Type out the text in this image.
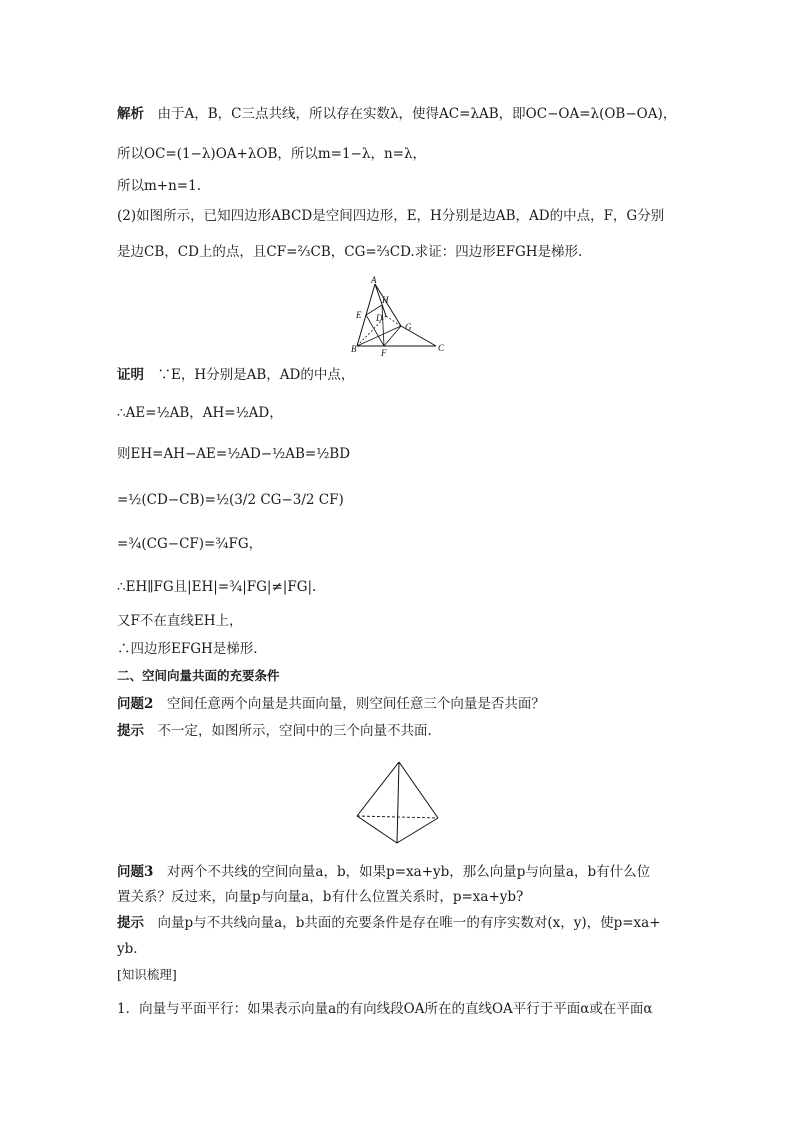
解析　由于A，B，C三点共线，所以存在实数λ，使得AC=λAB，即OC−OA=λ(OB−OA)，
所以OC=(1−λ)OA+λOB，所以m=1−λ，n=λ，
所以m+n=1.
(2)如图所示，已知四边形ABCD是空间四边形，E，H分别是边AB，AD的中点，F，G分别
是边CB，CD上的点，且CF=⅔CB，CG=⅔CD.求证：四边形EFGH是梯形.
A
B	C
D
E
F
G
H
证明　∵E，H分别是AB，AD的中点，
∴AE=½AB，AH=½AD，
则EH=AH−AE=½AD−½AB=½BD
=½(CD−CB)=½(3/2 CG−3/2 CF)
=¾(CG−CF)=¾FG，
∴EH∥FG且|EH|=¾|FG|≠|FG|.
又F不在直线EH上，
∴四边形EFGH是梯形.
二、空间向量共面的充要条件
问题2　空间任意两个向量是共面向量，则空间任意三个向量是否共面？
提示　不一定，如图所示，空间中的三个向量不共面.
问题3　对两个不共线的空间向量a，b，如果p=xa+yb，那么向量p与向量a，b有什么位
置关系？反过来，向量p与向量a，b有什么位置关系时，p=xa+yb?
提示　向量p与不共线向量a，b共面的充要条件是存在唯一的有序实数对(x，y)，使p=xa+
yb.
[知识梳理]
1．向量与平面平行：如果表示向量a的有向线段OA所在的直线OA平行于平面α或在平面α
